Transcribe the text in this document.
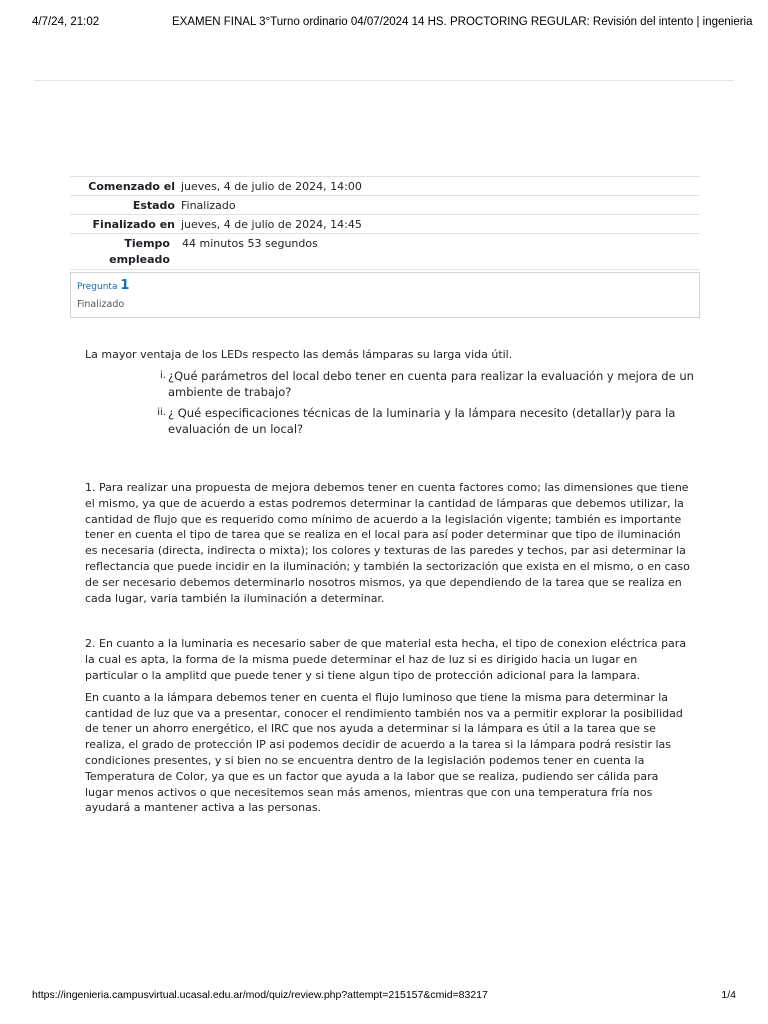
4/7/24, 21:02	EXAMEN FINAL 3°Turno ordinario 04/07/2024 14 HS. PROCTORING REGULAR: Revisión del intento | ingenieria
Comenzado el jueves, 4 de julio de 2024, 14:00
Estado Finalizado
Finalizado en jueves, 4 de julio de 2024, 14:45
Tiempo
empleado44 minutos 53 segundos
Pregunta 1
Finalizado
La mayor ventaja de los LEDs respecto las demás lámparas su larga vida útil.
i. ¿Qué parámetros del local debo tener en cuenta para realizar la evaluación y mejora de un ambiente de trabajo?
ii. ¿ Qué especificaciones técnicas de la luminaria y la lámpara necesito (detallar)y para la evaluación de un local?

1. Para realizar una propuesta de mejora debemos tener en cuenta factores como; las dimensiones que tiene el mismo, ya que de acuerdo a estas podremos determinar la cantidad de lámparas que debemos utilizar, la cantidad de flujo que es requerido como mínimo de acuerdo a la legislación vigente; también es importante tener en cuenta el tipo de tarea que se realiza en el local para así poder determinar que tipo de iluminación es necesaria (directa, indirecta o mixta); los colores y texturas de las paredes y techos, par asi determinar la reflectancia que puede incidir en la iluminación; y también la sectorización que exista en el mismo, o en caso de ser necesario debemos determinarlo nosotros mismos, ya que dependiendo de la tarea que se realiza en cada lugar, varia también la iluminación a determinar.

2. En cuanto a la luminaria es necesario saber de que material esta hecha, el tipo de conexion eléctrica para la cual es apta, la forma de la misma puede determinar el haz de luz si es dirigido hacia un lugar en particular o la amplitd que puede tener y si tiene algun tipo de protección adicional para la lampara.

En cuanto a la lámpara debemos tener en cuenta el flujo luminoso que tiene la misma para determinar la cantidad de luz que va a presentar, conocer el rendimiento también nos va a permitir explorar la posibilidad de tener un ahorro energético, el IRC que nos ayuda a determinar si la lámpara es útil a la tarea que se realiza, el grado de protección IP asi podemos decidir de acuerdo a la tarea si la lámpara podrá resistir las condiciones presentes, y si bien no se encuentra dentro de la legislación podemos tener en cuenta la Temperatura de Color, ya que es un factor que ayuda a la labor que se realiza, pudiendo ser cálida para lugar menos activos o que necesitemos sean más amenos, mientras que con una temperatura fría nos ayudará a mantener activa a las personas.

https://ingenieria.campusvirtual.ucasal.edu.ar/mod/quiz/review.php?attempt=215157&cmid=83217	1/4
